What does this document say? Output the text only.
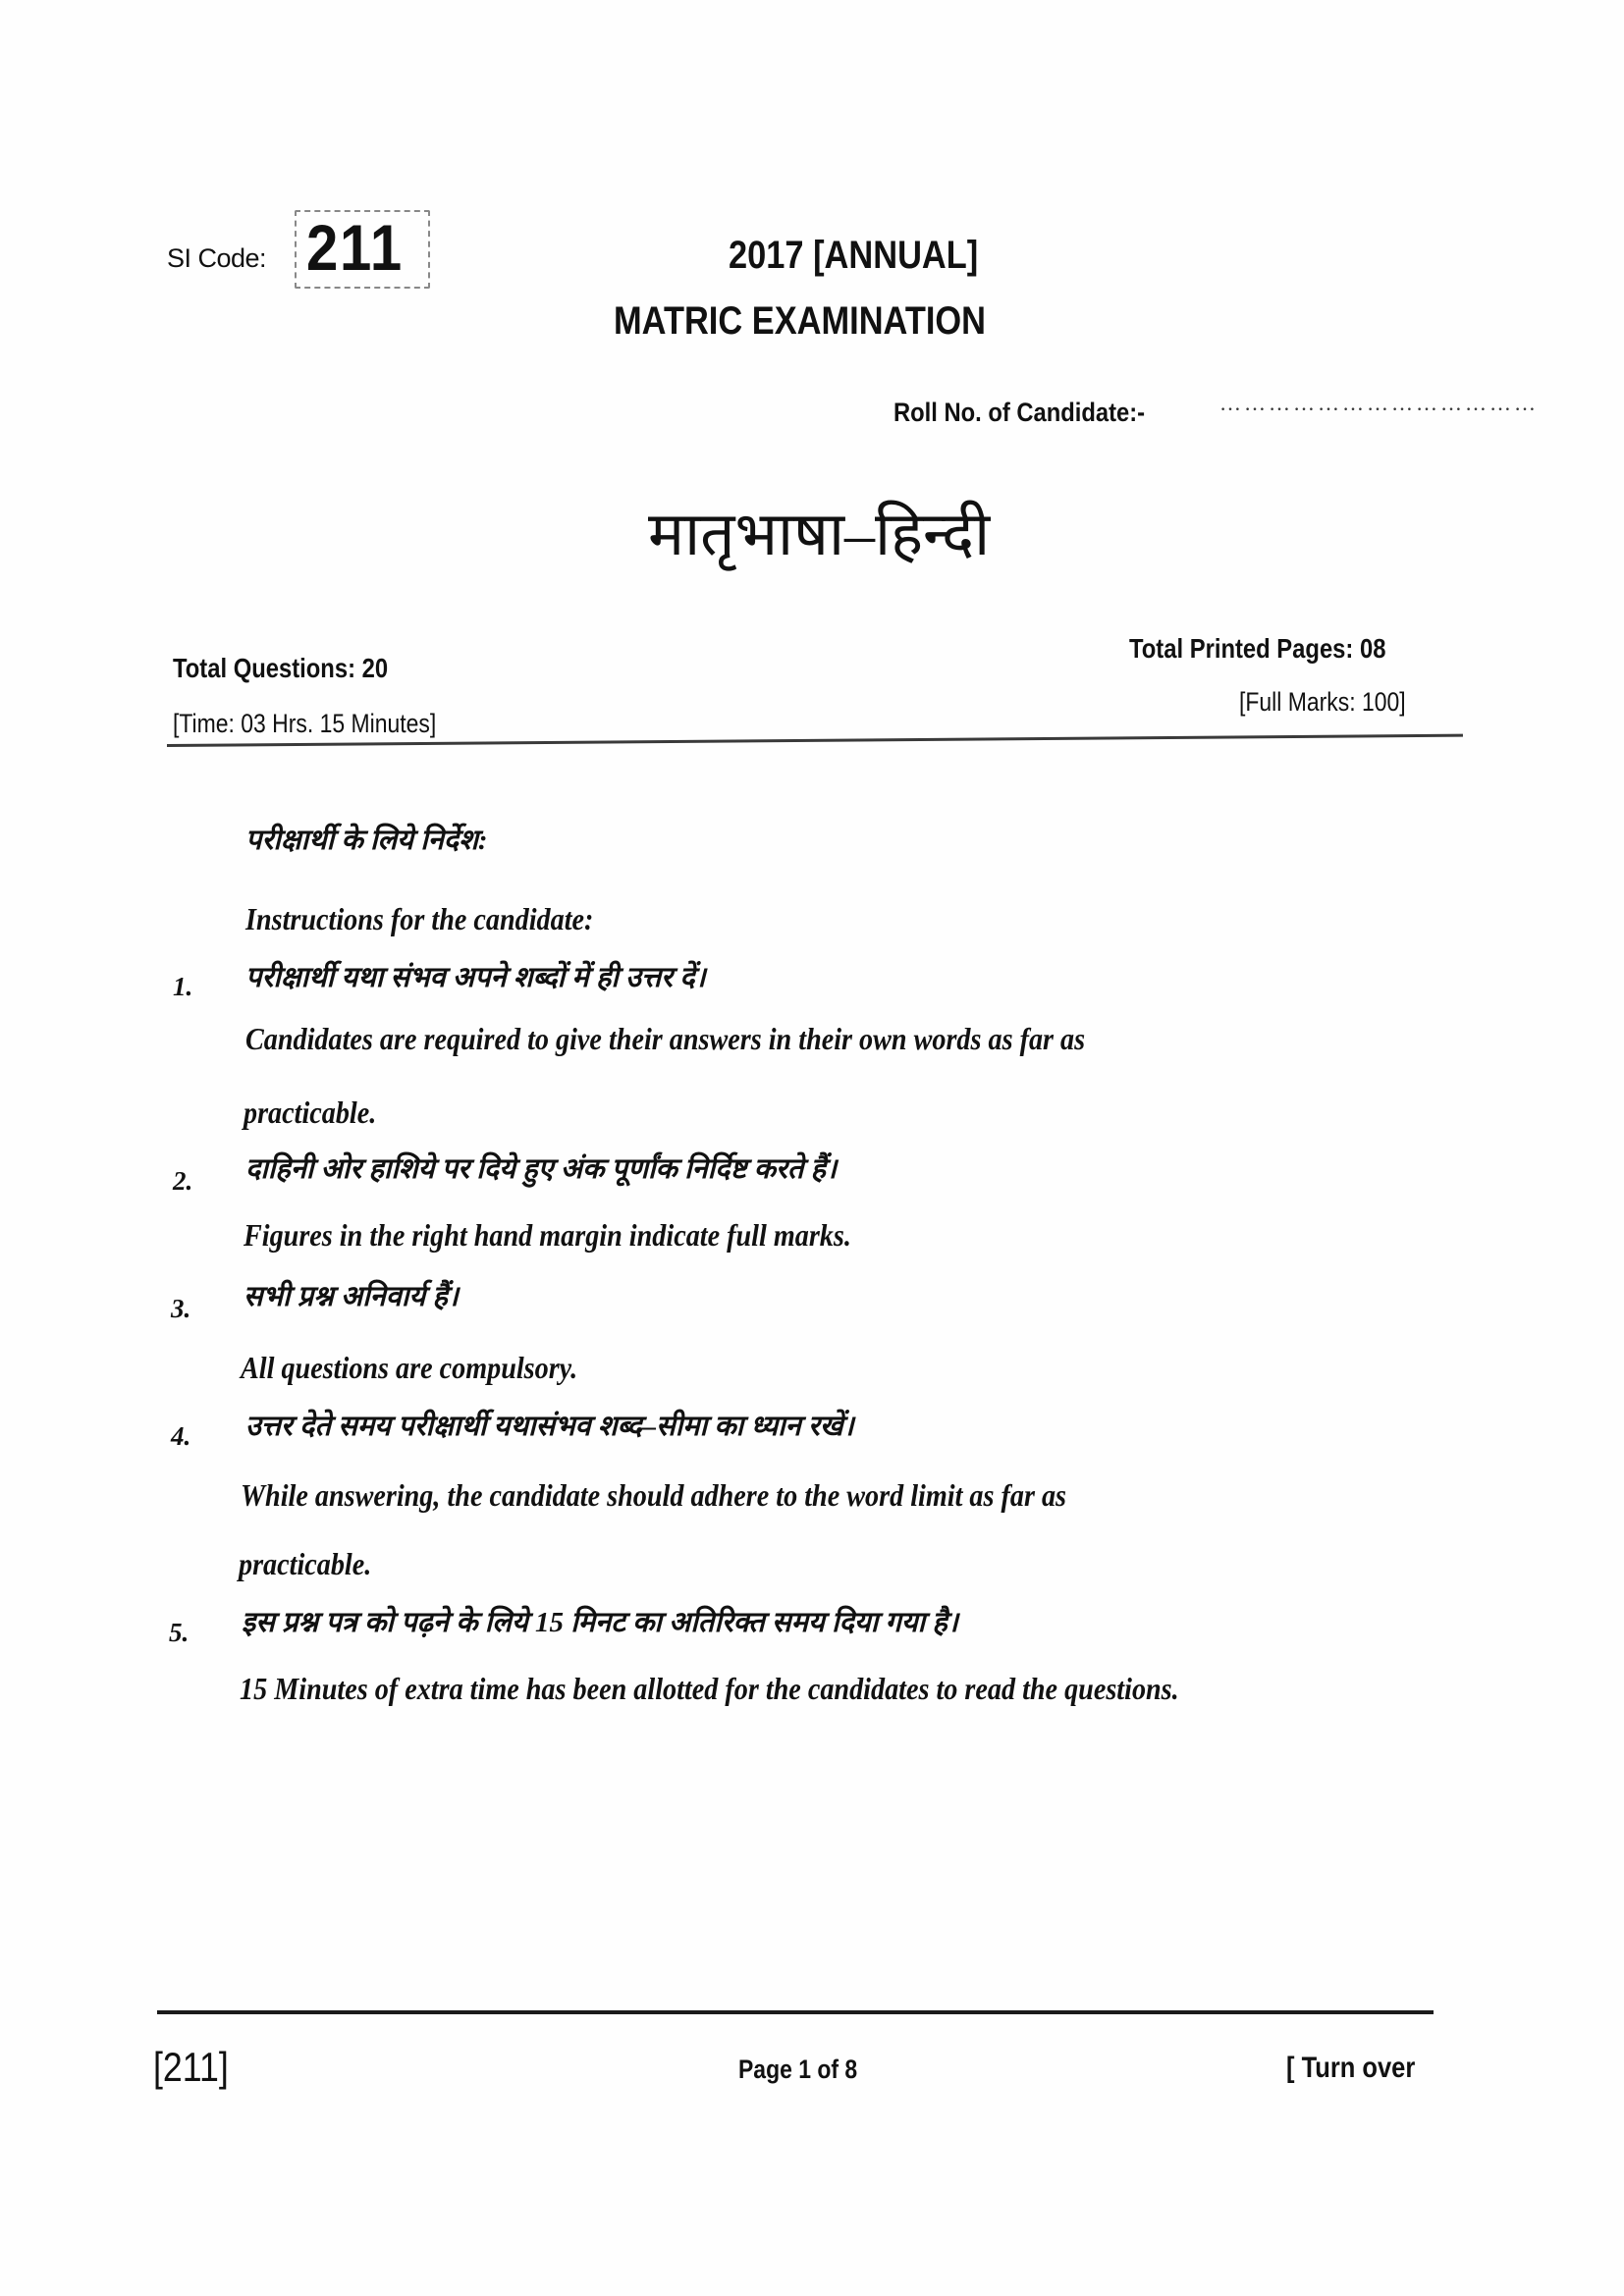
SI Code: 211	2017 [ANNUAL]
MATRIC EXAMINATION
Roll No. of Candidate:-	…………………………………
मातृभाषा–हिन्दी
Total Questions: 20
[Time: 03 Hrs. 15 Minutes]
Total Printed Pages: 08
[Full Marks: 100]
परीक्षार्थी के लिये निर्देश:
Instructions for the candidate:
1. परीक्षार्थी यथा संभव अपने शब्दों में ही उत्तर दें।
Candidates are required to give their answers in their own words as far as
practicable.
2. दाहिनी ओर हाशिये पर दिये हुए अंक पूर्णांक निर्दिष्ट करते हैं।
Figures in the right hand margin indicate full marks.
3. सभी प्रश्न अनिवार्य हैं।
All questions are compulsory.
4. उत्तर देते समय परीक्षार्थी यथासंभव शब्द–सीमा का ध्यान रखें।
While answering, the candidate should adhere to the word limit as far as
practicable.
5. इस प्रश्न पत्र को पढ़ने के लिये 15 मिनट का अतिरिक्त समय दिया गया है।
15 Minutes of extra time has been allotted for the candidates to read the questions.
[211]	Page 1 of 8	[ Turn over
